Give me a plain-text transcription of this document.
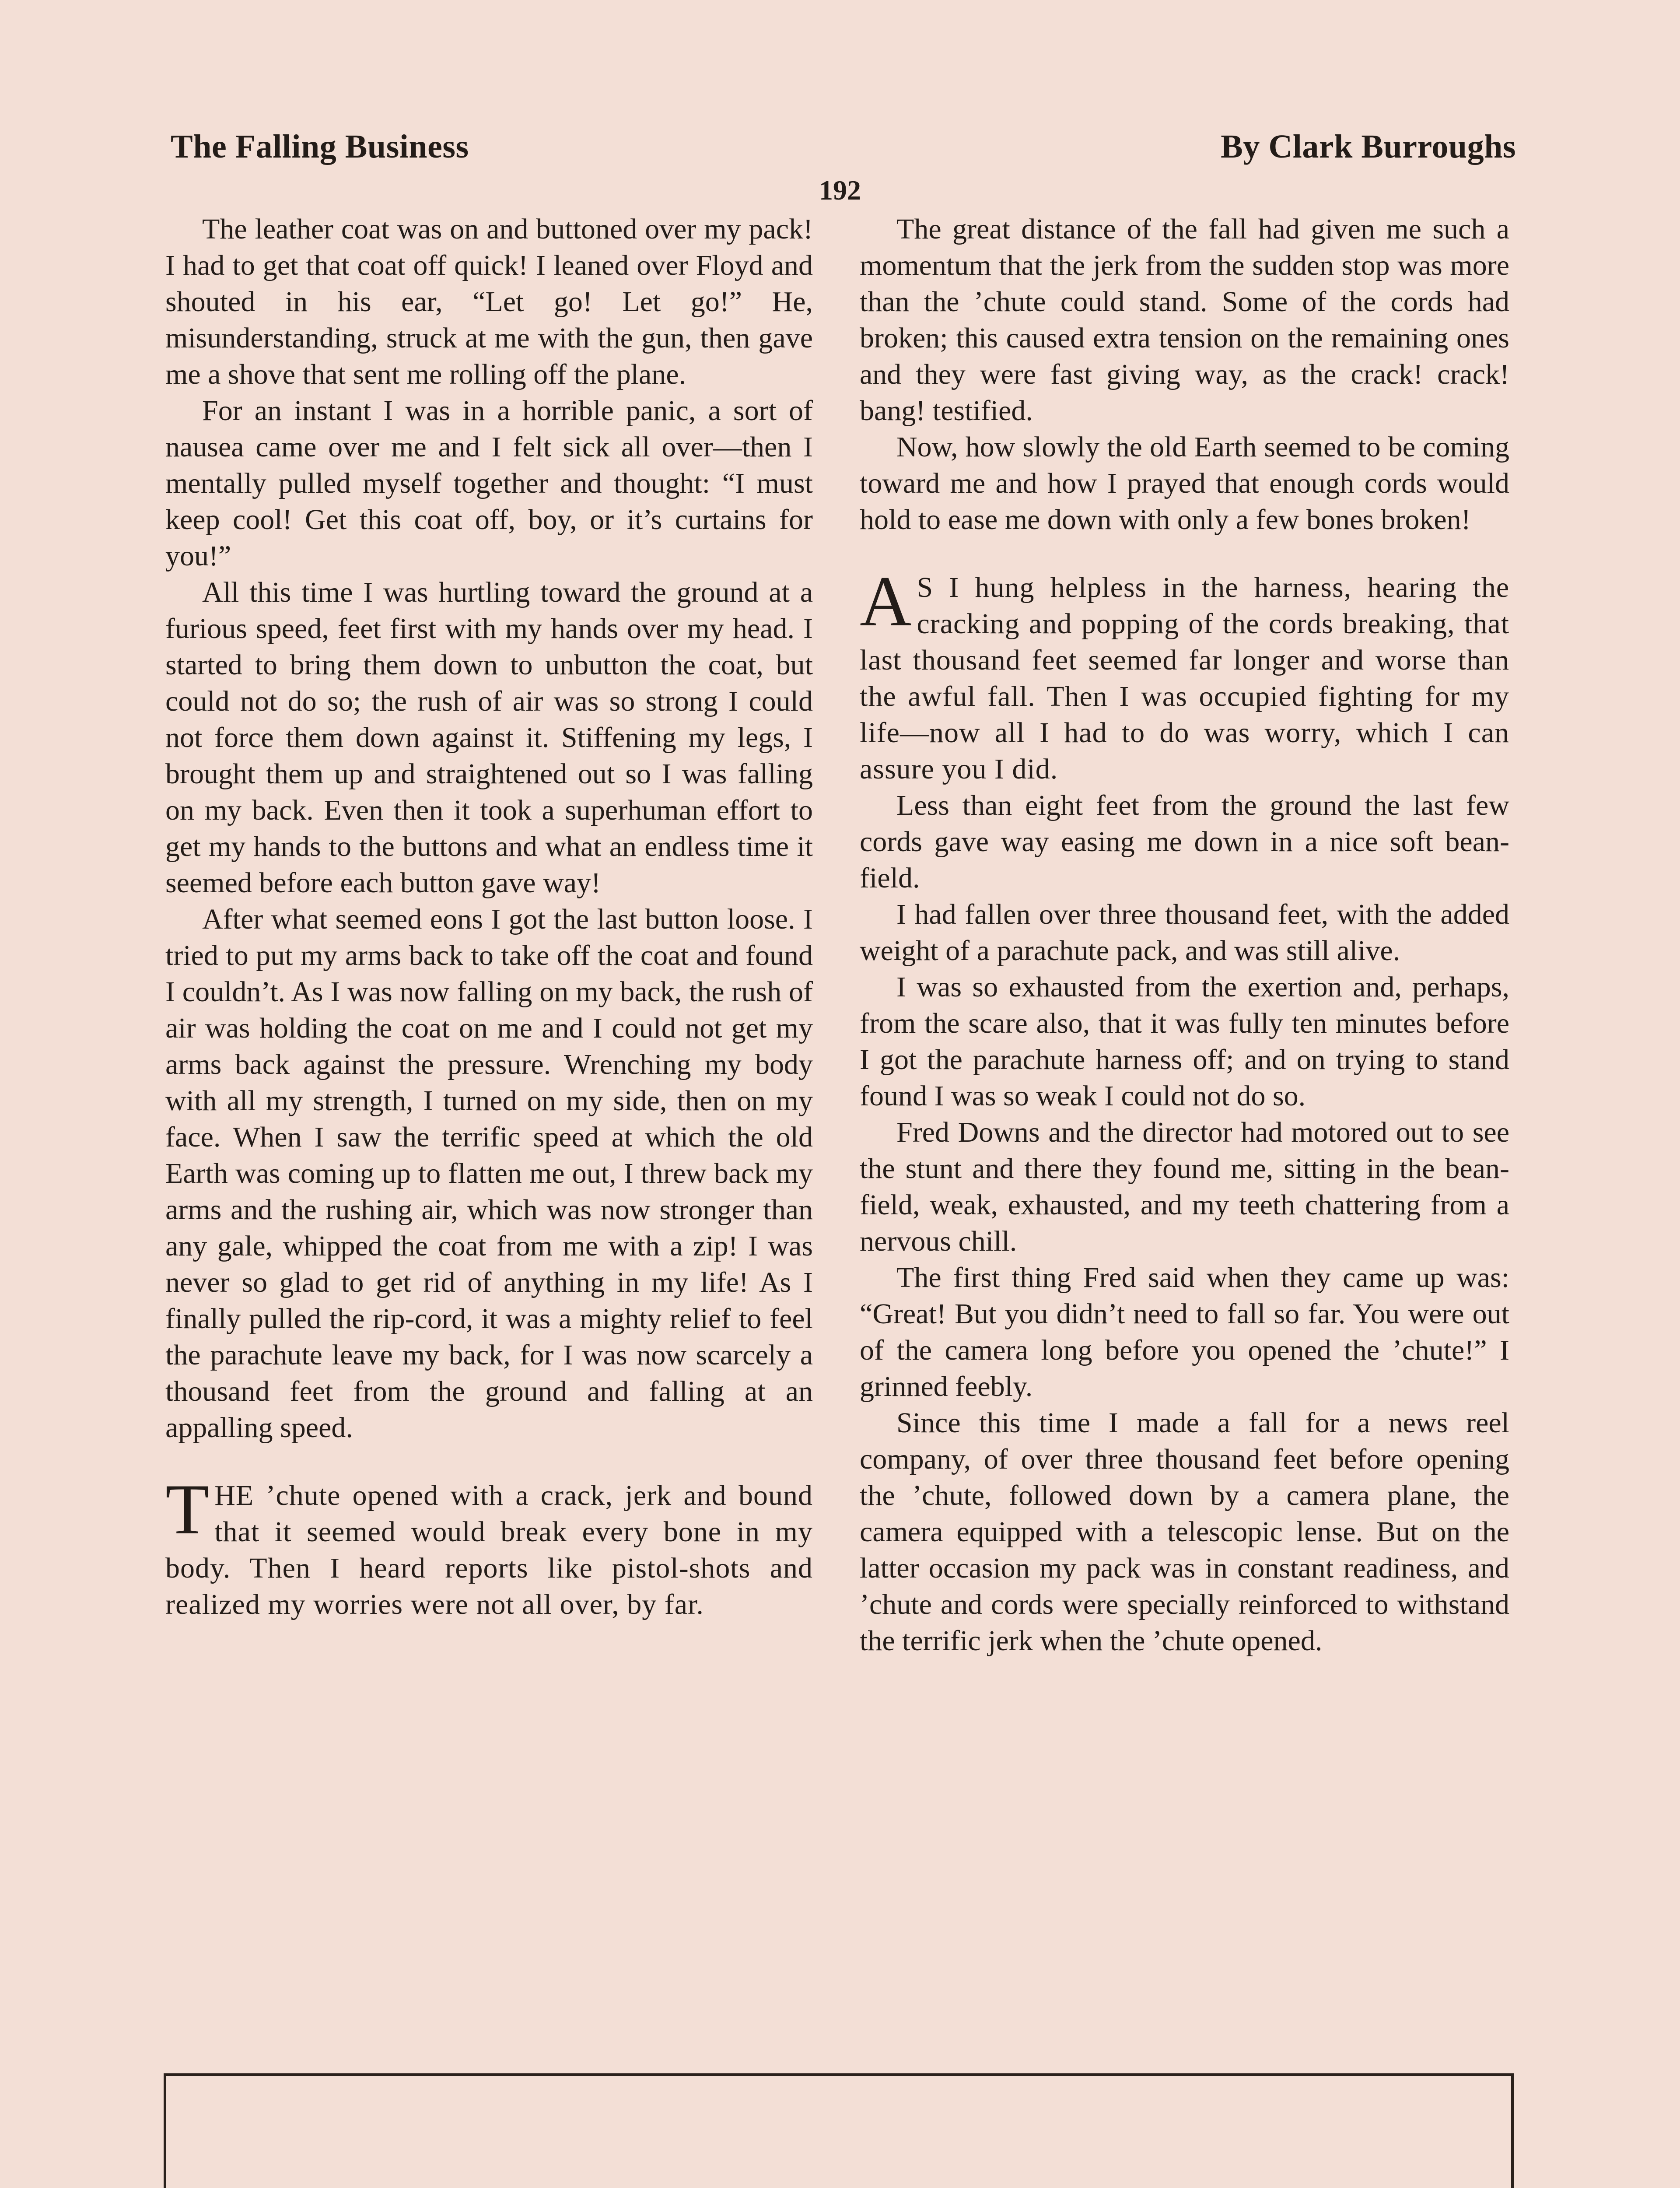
The Falling Business	By Clark Burroughs
192

The leather coat was on and buttoned over my pack! I had to get that coat off quick! I leaned over Floyd and shouted in his ear, “Let go! Let go!” He, misunderstanding, struck at me with the gun, then gave me a shove that sent me rolling off the plane.

For an instant I was in a horrible panic, a sort of nausea came over me and I felt sick all over—then I mentally pulled myself together and thought: “I must keep cool! Get this coat off, boy, or it’s curtains for you!”

All this time I was hurtling toward the ground at a furious speed, feet first with my hands over my head. I started to bring them down to unbutton the coat, but could not do so; the rush of air was so strong I could not force them down against it. Stiffening my legs, I brought them up and straightened out so I was falling on my back. Even then it took a superhuman effort to get my hands to the buttons and what an endless time it seemed before each button gave way!

After what seemed eons I got the last button loose. I tried to put my arms back to take off the coat and found I couldn’t. As I was now falling on my back, the rush of air was holding the coat on me and I could not get my arms back against the pressure. Wrenching my body with all my strength, I turned on my side, then on my face. When I saw the terrific speed at which the old Earth was coming up to flatten me out, I threw back my arms and the rushing air, which was now stronger than any gale, whipped the coat from me with a zip! I was never so glad to get rid of anything in my life! As I finally pulled the rip-cord, it was a mighty relief to feel the parachute leave my back, for I was now scarcely a thousand feet from the ground and falling at an appalling speed.

THE ’chute opened with a crack, jerk and bound that it seemed would break every bone in my body. Then I heard reports like pistol-shots and realized my worries were not all over, by far.

The great distance of the fall had given me such a momentum that the jerk from the sudden stop was more than the ’chute could stand. Some of the cords had broken; this caused extra tension on the remaining ones and they were fast giving way, as the crack! crack! bang! testified.

Now, how slowly the old Earth seemed to be coming toward me and how I prayed that enough cords would hold to ease me down with only a few bones broken!

A S I hung helpless in the harness, hearing the cracking and popping of the cords breaking, that last thousand feet seemed far longer and worse than the awful fall. Then I was occupied fighting for my life—now all I had to do was worry, which I can assure you I did.

Less than eight feet from the ground the last few cords gave way easing me down in a nice soft bean-field.

I had fallen over three thousand feet, with the added weight of a parachute pack, and was still alive.

I was so exhausted from the exertion and, perhaps, from the scare also, that it was fully ten minutes before I got the parachute harness off; and on trying to stand found I was so weak I could not do so.

Fred Downs and the director had motored out to see the stunt and there they found me, sitting in the bean-field, weak, exhausted, and my teeth chattering from a nervous chill.

The first thing Fred said when they came up was: “Great! But you didn’t need to fall so far. You were out of the camera long before you opened the ’chute!” I grinned feebly.

Since this time I made a fall for a news reel company, of over three thousand feet before opening the ’chute, followed down by a camera plane, the camera equipped with a telescopic lense. But on the latter occasion my pack was in constant readiness, and ’chute and cords were specially reinforced to withstand the terrific jerk when the ’chute opened.
